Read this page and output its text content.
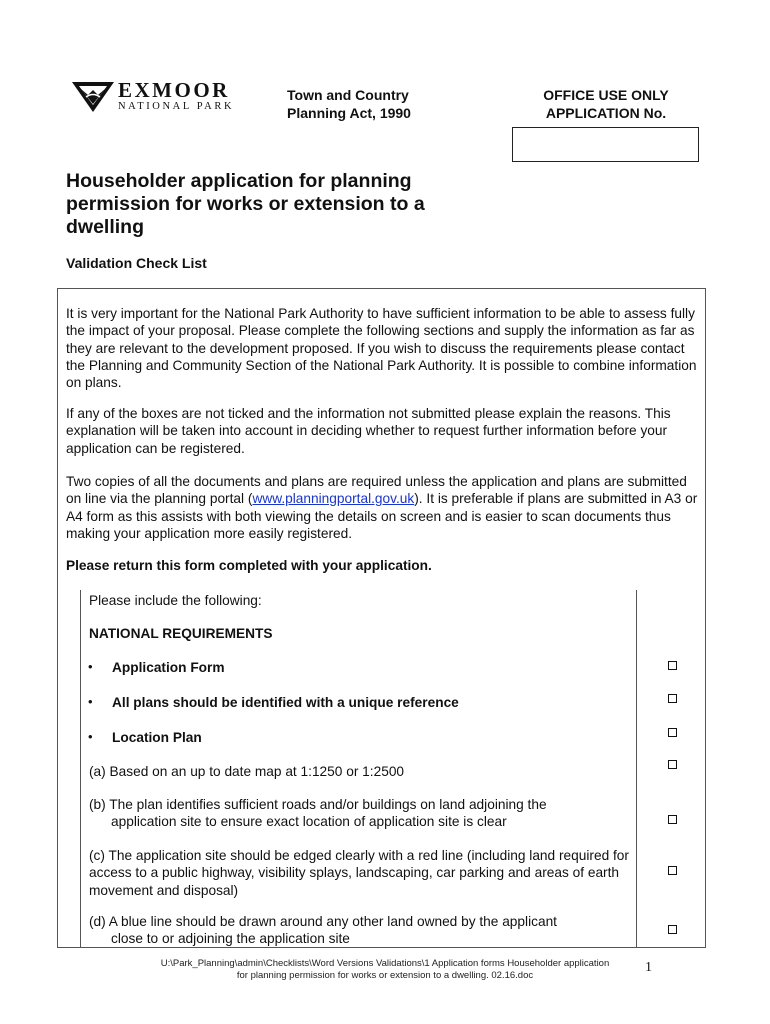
EXMOOR
NATIONAL PARK
Town and Country
Planning Act, 1990
OFFICE USE ONLY
APPLICATION No.
Householder application for planning permission for works or extension to a dwelling
Validation Check List

It is very important for the National Park Authority to have sufficient information to be able to assess fully the impact of your proposal. Please complete the following sections and supply the information as far as they are relevant to the development proposed. If you wish to discuss the requirements please contact the Planning and Community Section of the National Park Authority. It is possible to combine information on plans.

If any of the boxes are not ticked and the information not submitted please explain the reasons. This explanation will be taken into account in deciding whether to request further information before your application can be registered.

Two copies of all the documents and plans are required unless the application and plans are submitted on line via the planning portal (www.planningportal.gov.uk). It is preferable if plans are submitted in A3 or A4 form as this assists with both viewing the details on screen and is easier to scan documents thus making your application more easily registered.

Please return this form completed with your application.

Please include the following:

NATIONAL REQUIREMENTS

• Application Form

• All plans should be identified with a unique reference

• Location Plan

(a) Based on an up to date map at 1:1250 or 1:2500

(b) The plan identifies sufficient roads and/or buildings on land adjoining the
application site to ensure exact location of application site is clear

(c) The application site should be edged clearly with a red line (including land required for access to a public highway, visibility splays, landscaping, car parking and areas of earth movement and disposal)

(d) A blue line should be drawn around any other land owned by the applicant
close to or adjoining the application site

U:\Park_Planning\admin\Checklists\Word Versions Validations\1 Application forms Householder application
for planning permission for works or extension to a dwelling. 02.16.doc
1
